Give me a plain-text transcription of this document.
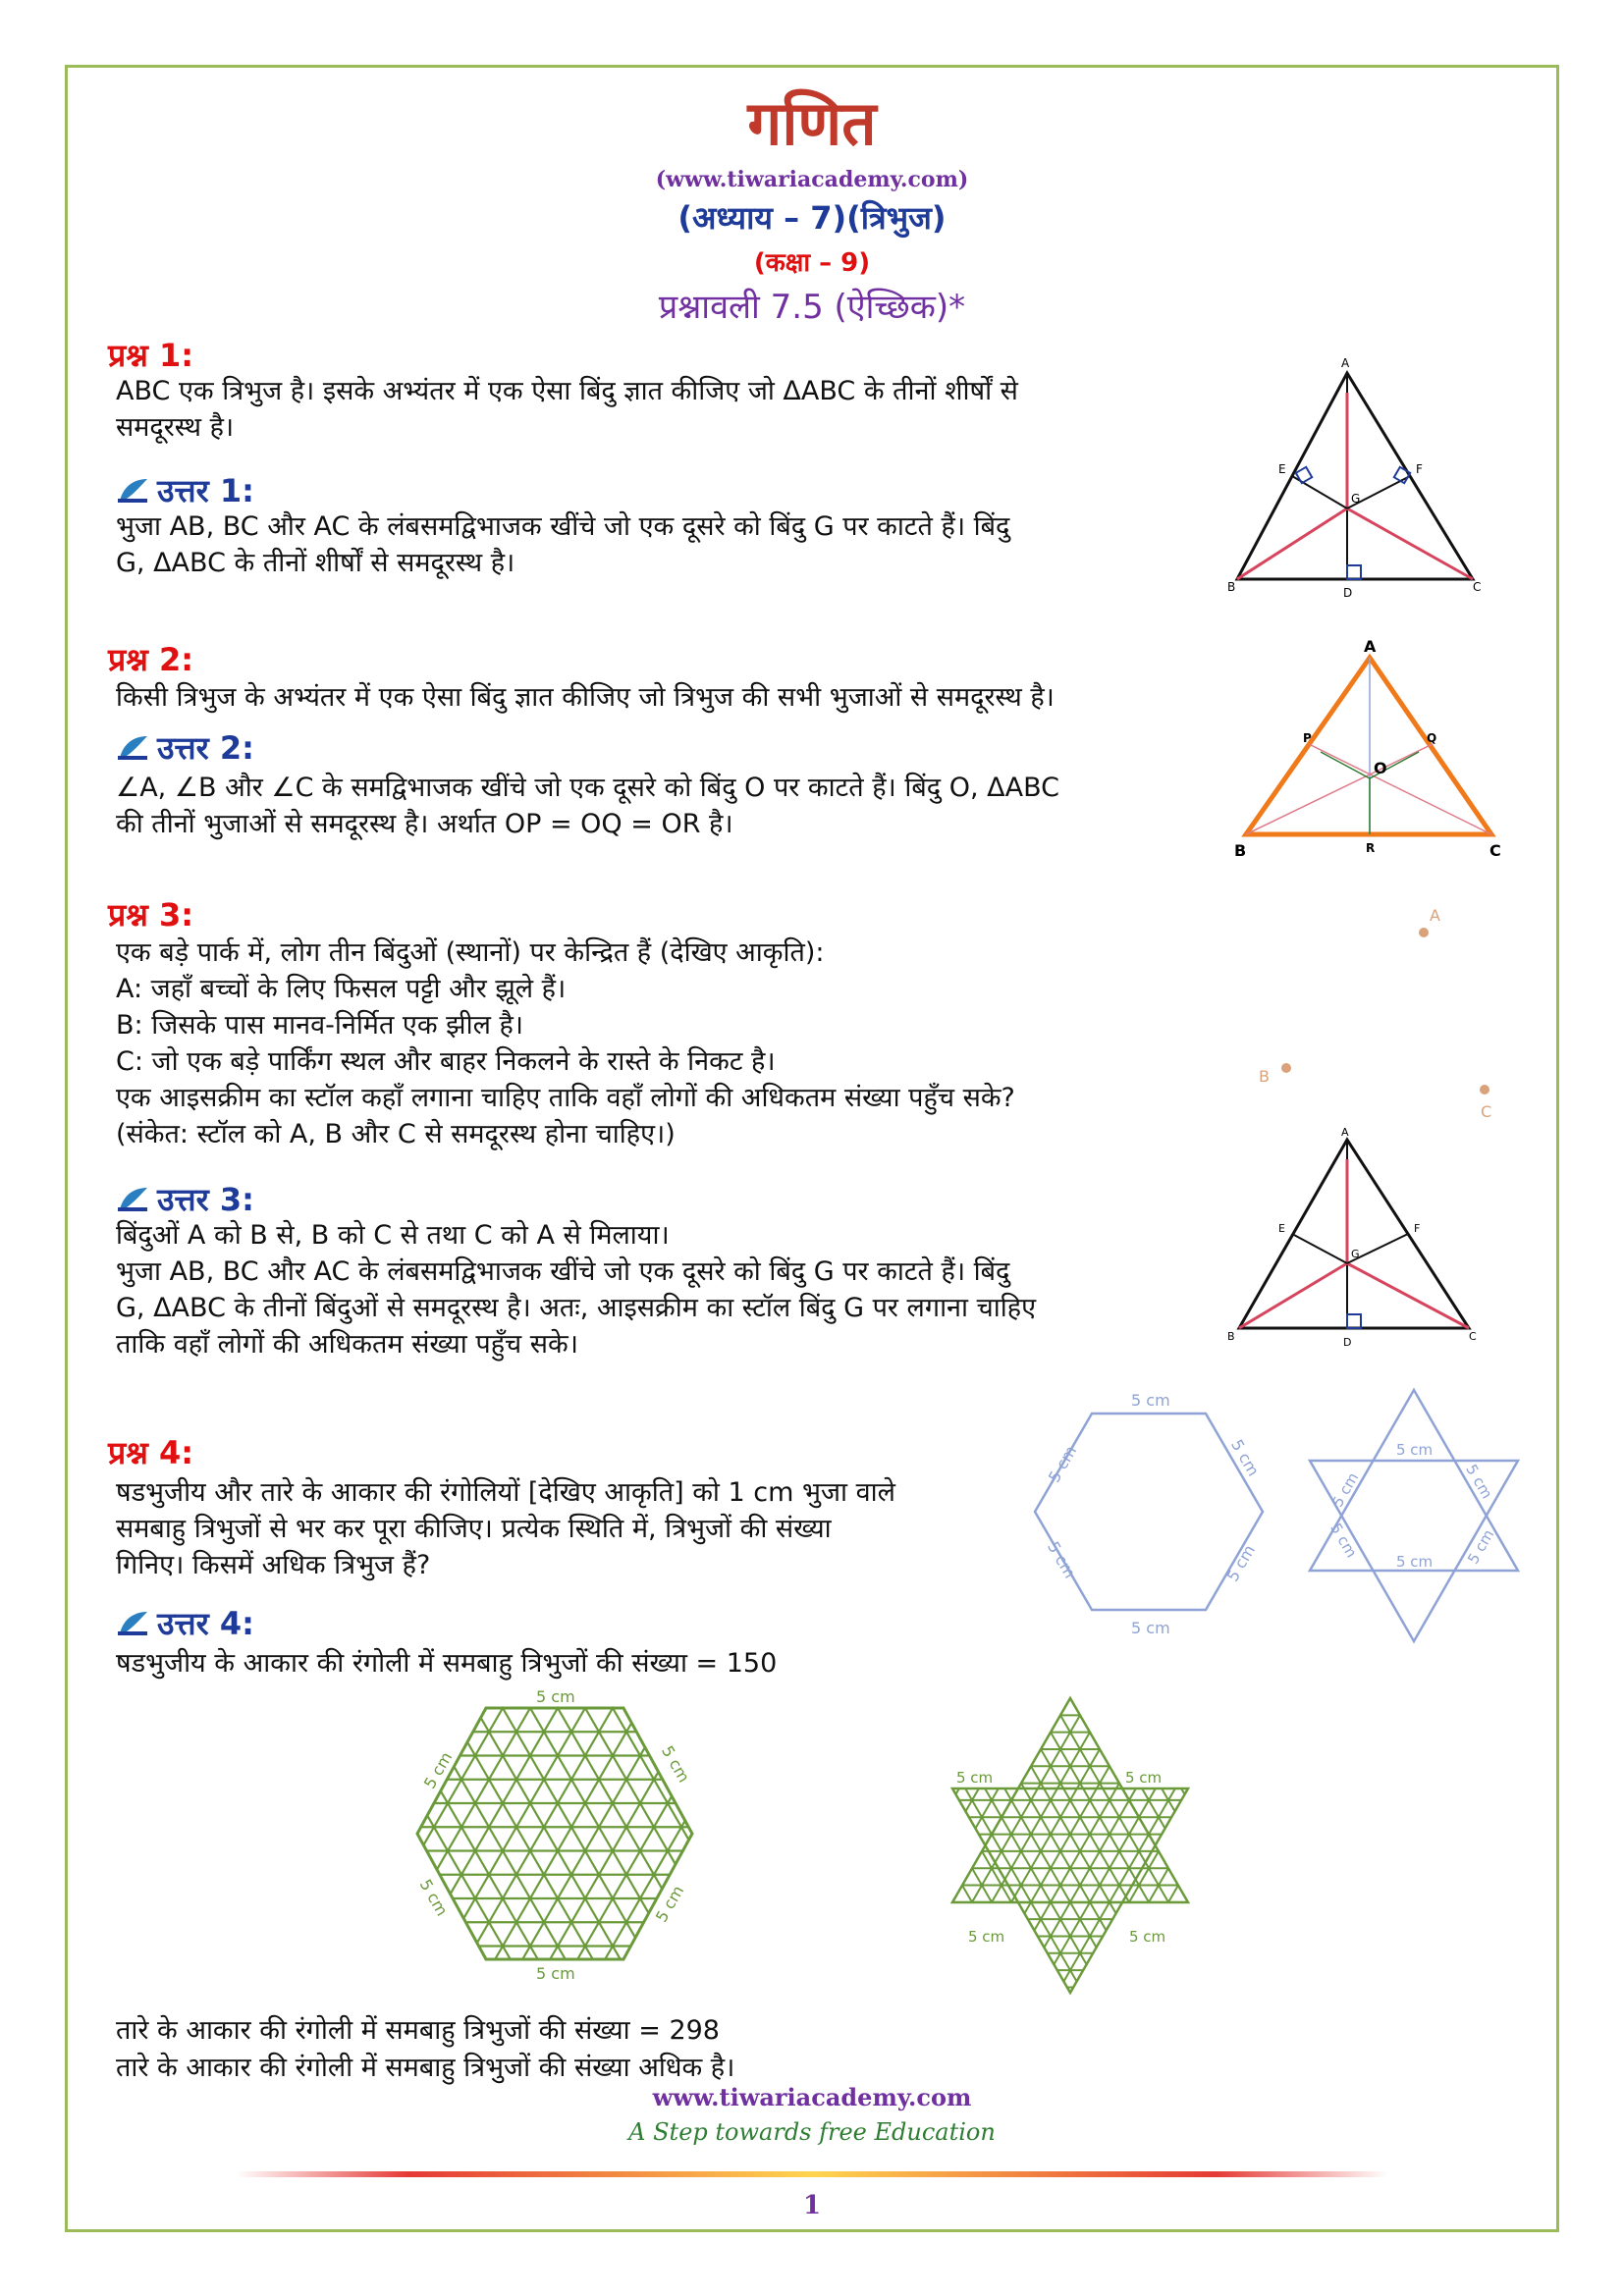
गणित
(www.tiwariacademy.com)
(अध्याय – 7)(त्रिभुज)
(कक्षा – 9)
प्रश्नावली 7.5 (ऐच्छिक)*
प्रश्न 1:
ABC एक त्रिभुज है। इसके अभ्यंतर में एक ऐसा बिंदु ज्ञात कीजिए जो ΔABC के तीनों शीर्षों से
समदूरस्थ है।
उत्तर 1:
भुजा AB, BC और AC के लंबसमद्विभाजक खींचे जो एक दूसरे को बिंदु G पर काटते हैं। बिंदु
G, ΔABC के तीनों शीर्षों से समदूरस्थ है।
A
B	C
D
E	F
G
प्रश्न 2:
किसी त्रिभुज के अभ्यंतर में एक ऐसा बिंदु ज्ञात कीजिए जो त्रिभुज की सभी भुजाओं से समदूरस्थ है।
उत्तर 2:
∠A, ∠B और ∠C के समद्विभाजक खींचे जो एक दूसरे को बिंदु O पर काटते हैं। बिंदु O, ΔABC
की तीनों भुजाओं से समदूरस्थ है। अर्थात OP = OQ = OR है।
A
B	C
P	Q
R
O
प्रश्न 3:
एक बड़े पार्क में, लोग तीन बिंदुओं (स्थानों) पर केन्द्रित हैं (देखिए आकृति):
A: जहाँ बच्चों के लिए फिसल पट्टी और झूले हैं।
B: जिसके पास मानव-निर्मित एक झील है।
C: जो एक बड़े पार्किंग स्थल और बाहर निकलने के रास्ते के निकट है।
एक आइसक्रीम का स्टॉल कहाँ लगाना चाहिए ताकि वहाँ लोगों की अधिकतम संख्या पहुँच सके?
(संकेत: स्टॉल को A, B और C से समदूरस्थ होना चाहिए।)
उत्तर 3:
बिंदुओं A को B से, B को C से तथा C को A से मिलाया।
भुजा AB, BC और AC के लंबसमद्विभाजक खींचे जो एक दूसरे को बिंदु G पर काटते हैं। बिंदु
G, ΔABC के तीनों बिंदुओं से समदूरस्थ है। अतः, आइसक्रीम का स्टॉल बिंदु G पर लगाना चाहिए
ताकि वहाँ लोगों की अधिकतम संख्या पहुँच सके।
A
B
C
A
B	C
D
E	F
G
प्रश्न 4:
षडभुजीय और तारे के आकार की रंगोलियों [देखिए आकृति] को 1 cm भुजा वाले
समबाहु त्रिभुजों से भर कर पूरा कीजिए। प्रत्येक स्थिति में, त्रिभुजों की संख्या
गिनिए। किसमें अधिक त्रिभुज हैं?
उत्तर 4:
षडभुजीय के आकार की रंगोली में समबाहु त्रिभुजों की संख्या = 150
5 cm
5 cm
5 cm	5 cm
5 cm	5 cm
5 cm
5 cm
5 cm	5 cm
5 cm	5 cm
5 cm
5 cm
5 cm	5 cm
5 cm	5 cm
5 cm	5 cm
5 cm	5 cm
तारे के आकार की रंगोली में समबाहु त्रिभुजों की संख्या = 298
तारे के आकार की रंगोली में समबाहु त्रिभुजों की संख्या अधिक है।
www.tiwariacademy.com
A Step towards free Education
1
